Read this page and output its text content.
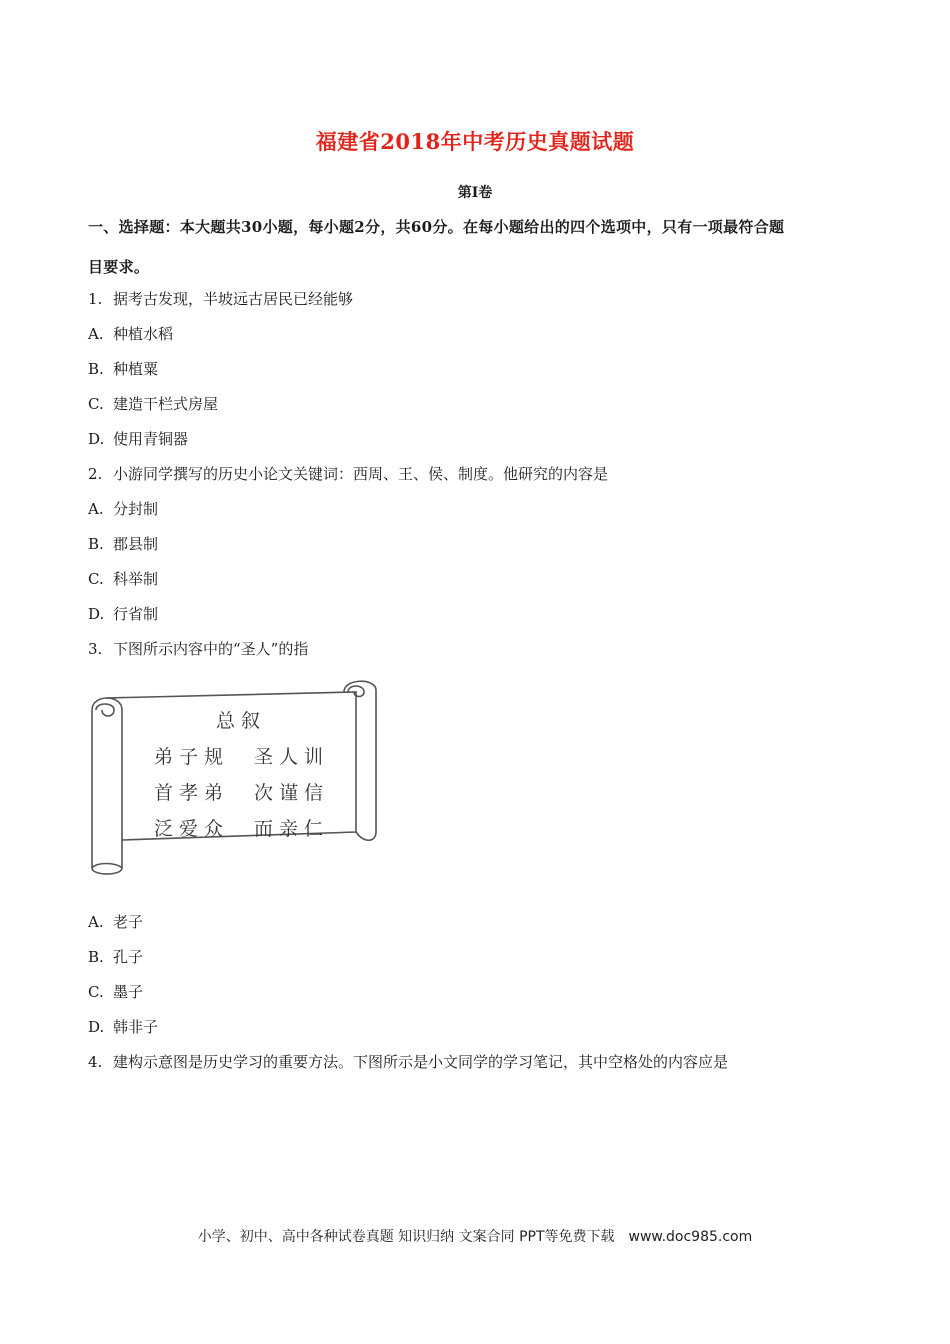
福建省2018年中考历史真题试题
第I卷
一、选择题：本大题共30小题，每小题2分，共60分。在每小题给出的四个选项中，只有一项最符合题
目要求。
1. 据考古发现，半坡远古居民已经能够
A. 种植水稻
B. 种植粟
C. 建造干栏式房屋
D. 使用青铜器
2. 小游同学撰写的历史小论文关键词：西周、王、侯、制度。他研究的内容是
A. 分封制
B. 郡县制
C. 科举制
D. 行省制
3. 下图所示内容中的“圣人”的指
总叙
弟子规　圣人训
首孝弟　次谨信
泛爱众　而亲仁
A. 老子
B. 孔子
C. 墨子
D. 韩非子
4. 建构示意图是历史学习的重要方法。下图所示是小文同学的学习笔记，其中空格处的内容应是
小学、初中、高中各种试卷真题 知识归纳 文案合同 PPT等免费下载　www.doc985.com
